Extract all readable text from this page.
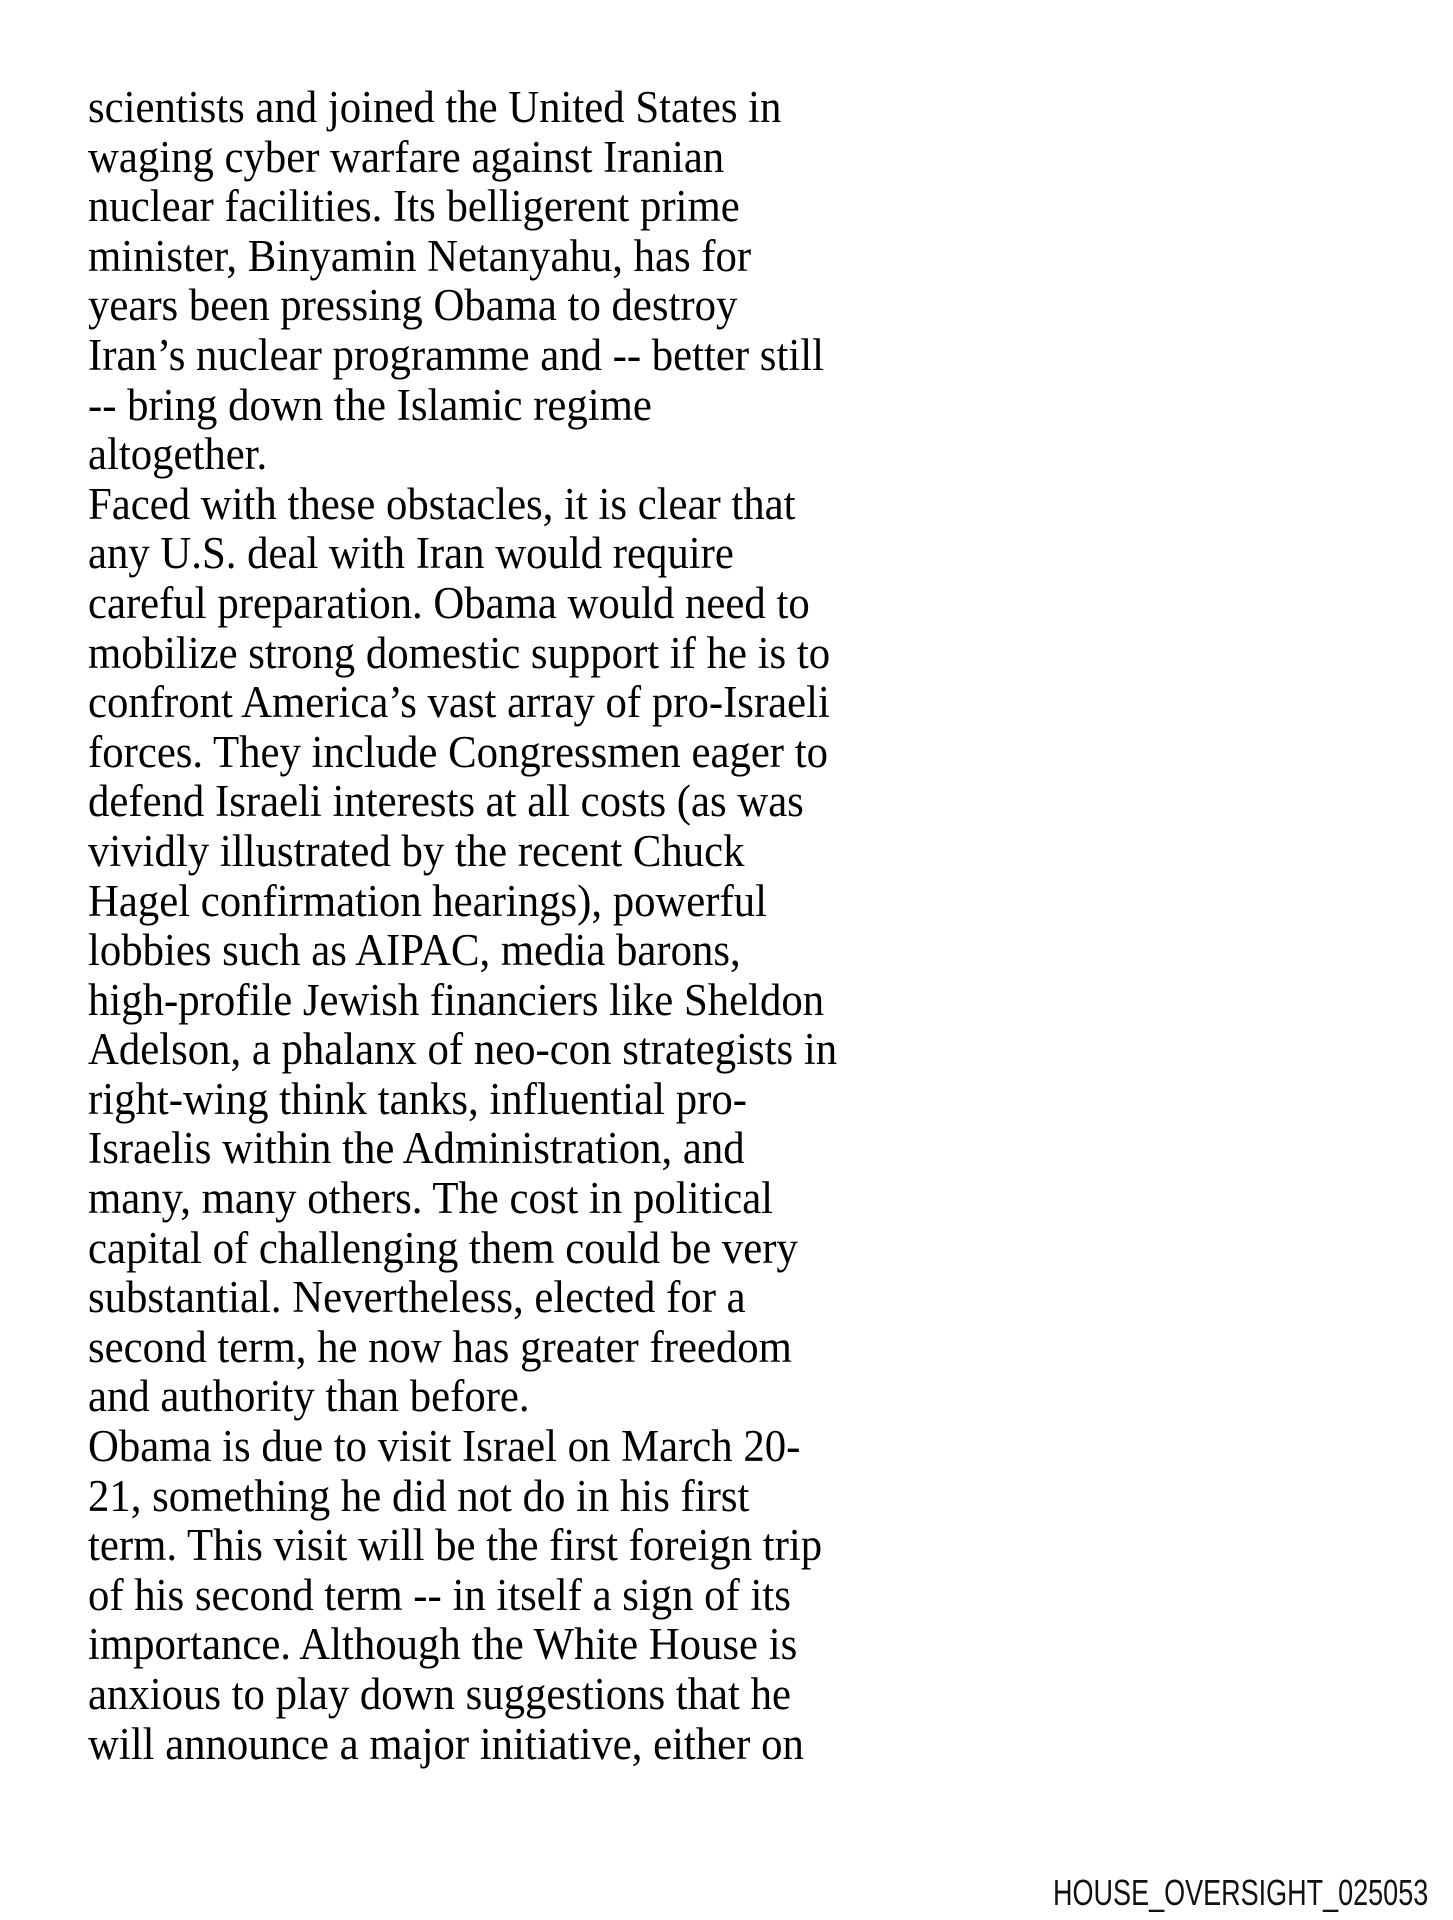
scientists and joined the United States in
waging cyber warfare against Iranian
nuclear facilities. Its belligerent prime
minister, Binyamin Netanyahu, has for
years been pressing Obama to destroy
Iran’s nuclear programme and -- better still
-- bring down the Islamic regime
altogether.
Faced with these obstacles, it is clear that
any U.S. deal with Iran would require
careful preparation. Obama would need to
mobilize strong domestic support if he is to
confront America’s vast array of pro-Israeli
forces. They include Congressmen eager to
defend Israeli interests at all costs (as was
vividly illustrated by the recent Chuck
Hagel confirmation hearings), powerful
lobbies such as AIPAC, media barons,
high-profile Jewish financiers like Sheldon
Adelson, a phalanx of neo-con strategists in
right-wing think tanks, influential pro-
Israelis within the Administration, and
many, many others. The cost in political
capital of challenging them could be very
substantial. Nevertheless, elected for a
second term, he now has greater freedom
and authority than before.
Obama is due to visit Israel on March 20-
21, something he did not do in his first
term. This visit will be the first foreign trip
of his second term -- in itself a sign of its
importance. Although the White House is
anxious to play down suggestions that he
will announce a major initiative, either on
HOUSE_OVERSIGHT_025053
